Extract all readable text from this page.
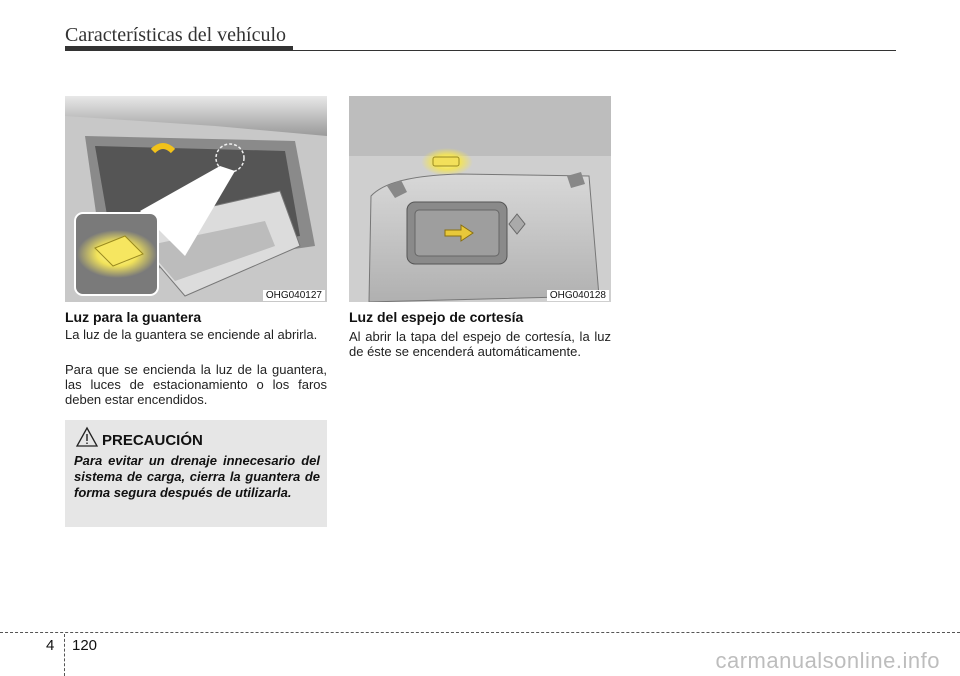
Características del vehículo
OHG040127	OHG040128
Luz para la guantera
La luz de la guantera se enciende al abrirla.
Para que se encienda la luz de la guantera, las luces de estacionamiento o los faros deben estar encendidos.
PRECAUCIÓN
Para evitar un drenaje innecesario del sistema de carga, cierra la guantera de forma segura después de utilizarla.
Luz del espejo de cortesía
Al abrir la tapa del espejo de cortesía, la luz de éste se encenderá automáticamente.
4 120
carmanualsonline.info
